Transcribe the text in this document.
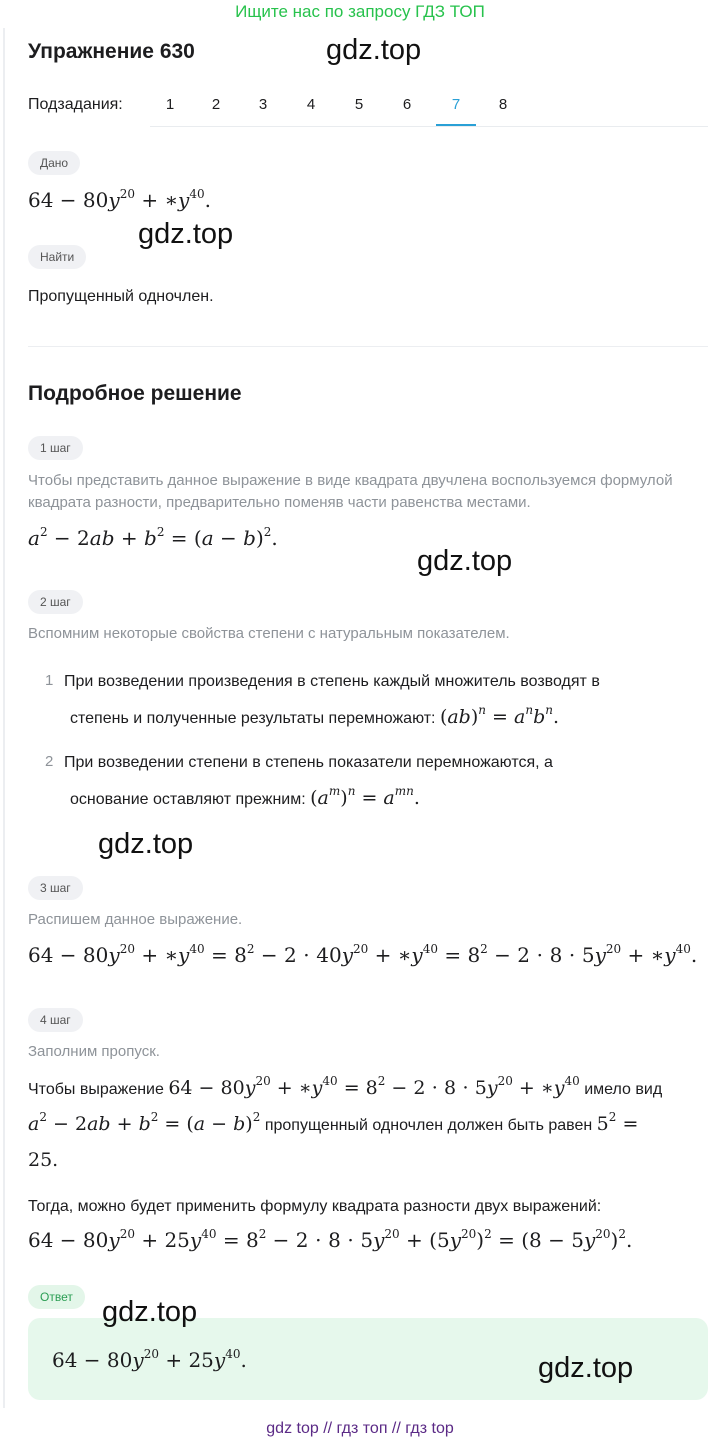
Ищите нас по запросу ГДЗ ТОП
Упражнение 630	gdz.top
Подзадания:	1	2	3	4	5	6	7	8
Дано
$64 - 80y^{20}$ + $∗y^{40}$.
gdz.top
Найти
Пропущенный одночлен.
Подробное решение
1 шаг
Чтобы представить данное выражение в виде квадрата двучлена воспользуемся формулой квадрата разности, предварительно поменяв части равенства местами.
$a^2 - 2ab + b^2 = (a - b)^2$.
gdz.top
2 шаг
Вспомним некоторые свойства степени с натуральным показателем.
1 При возведении произведения в степень каждый множитель возводят в
степень и полученные результаты перемножают: $(ab)^n = a^nb^n$.
2 При возведении степени в степень показатели перемножаются, а
основание оставляют прежним: $(a^m)^n = a^{mn}$.
gdz.top
3 шаг
Распишем данное выражение.
$64 - 80y^{20}$ + $∗y^{40} = 8^2 - 2 \cdot 40y^{20}$ + $∗y^{40} = 8^2 - 2 \cdot 8 \cdot 5y^{20}$ + $∗y^{40}$.
4 шаг
Заполним пропуск.
Чтобы выражение $64 - 80y^{20}$ + $∗y^{40} = 8^2 - 2 \cdot 8 \cdot 5y^{20}$ + $∗y^{40}$ имело вид
$a^2 - 2ab + b^2 = (a - b)^2$ пропущенный одночлен должен быть равен $5^2$ =
25.
Тогда, можно будет применить формулу квадрата разности двух выражений:
$64 - 80y^{20} + 25y^{40} = 8^2 - 2 \cdot 8 \cdot 5y^{20} + (5y^{20})^2 = (8 - 5y^{20})^2$.
Ответ
$64 - 80y^{20} + 25y^{40}$.
gdz.top
gdz.top
gdz top // гдз топ // гдз top
